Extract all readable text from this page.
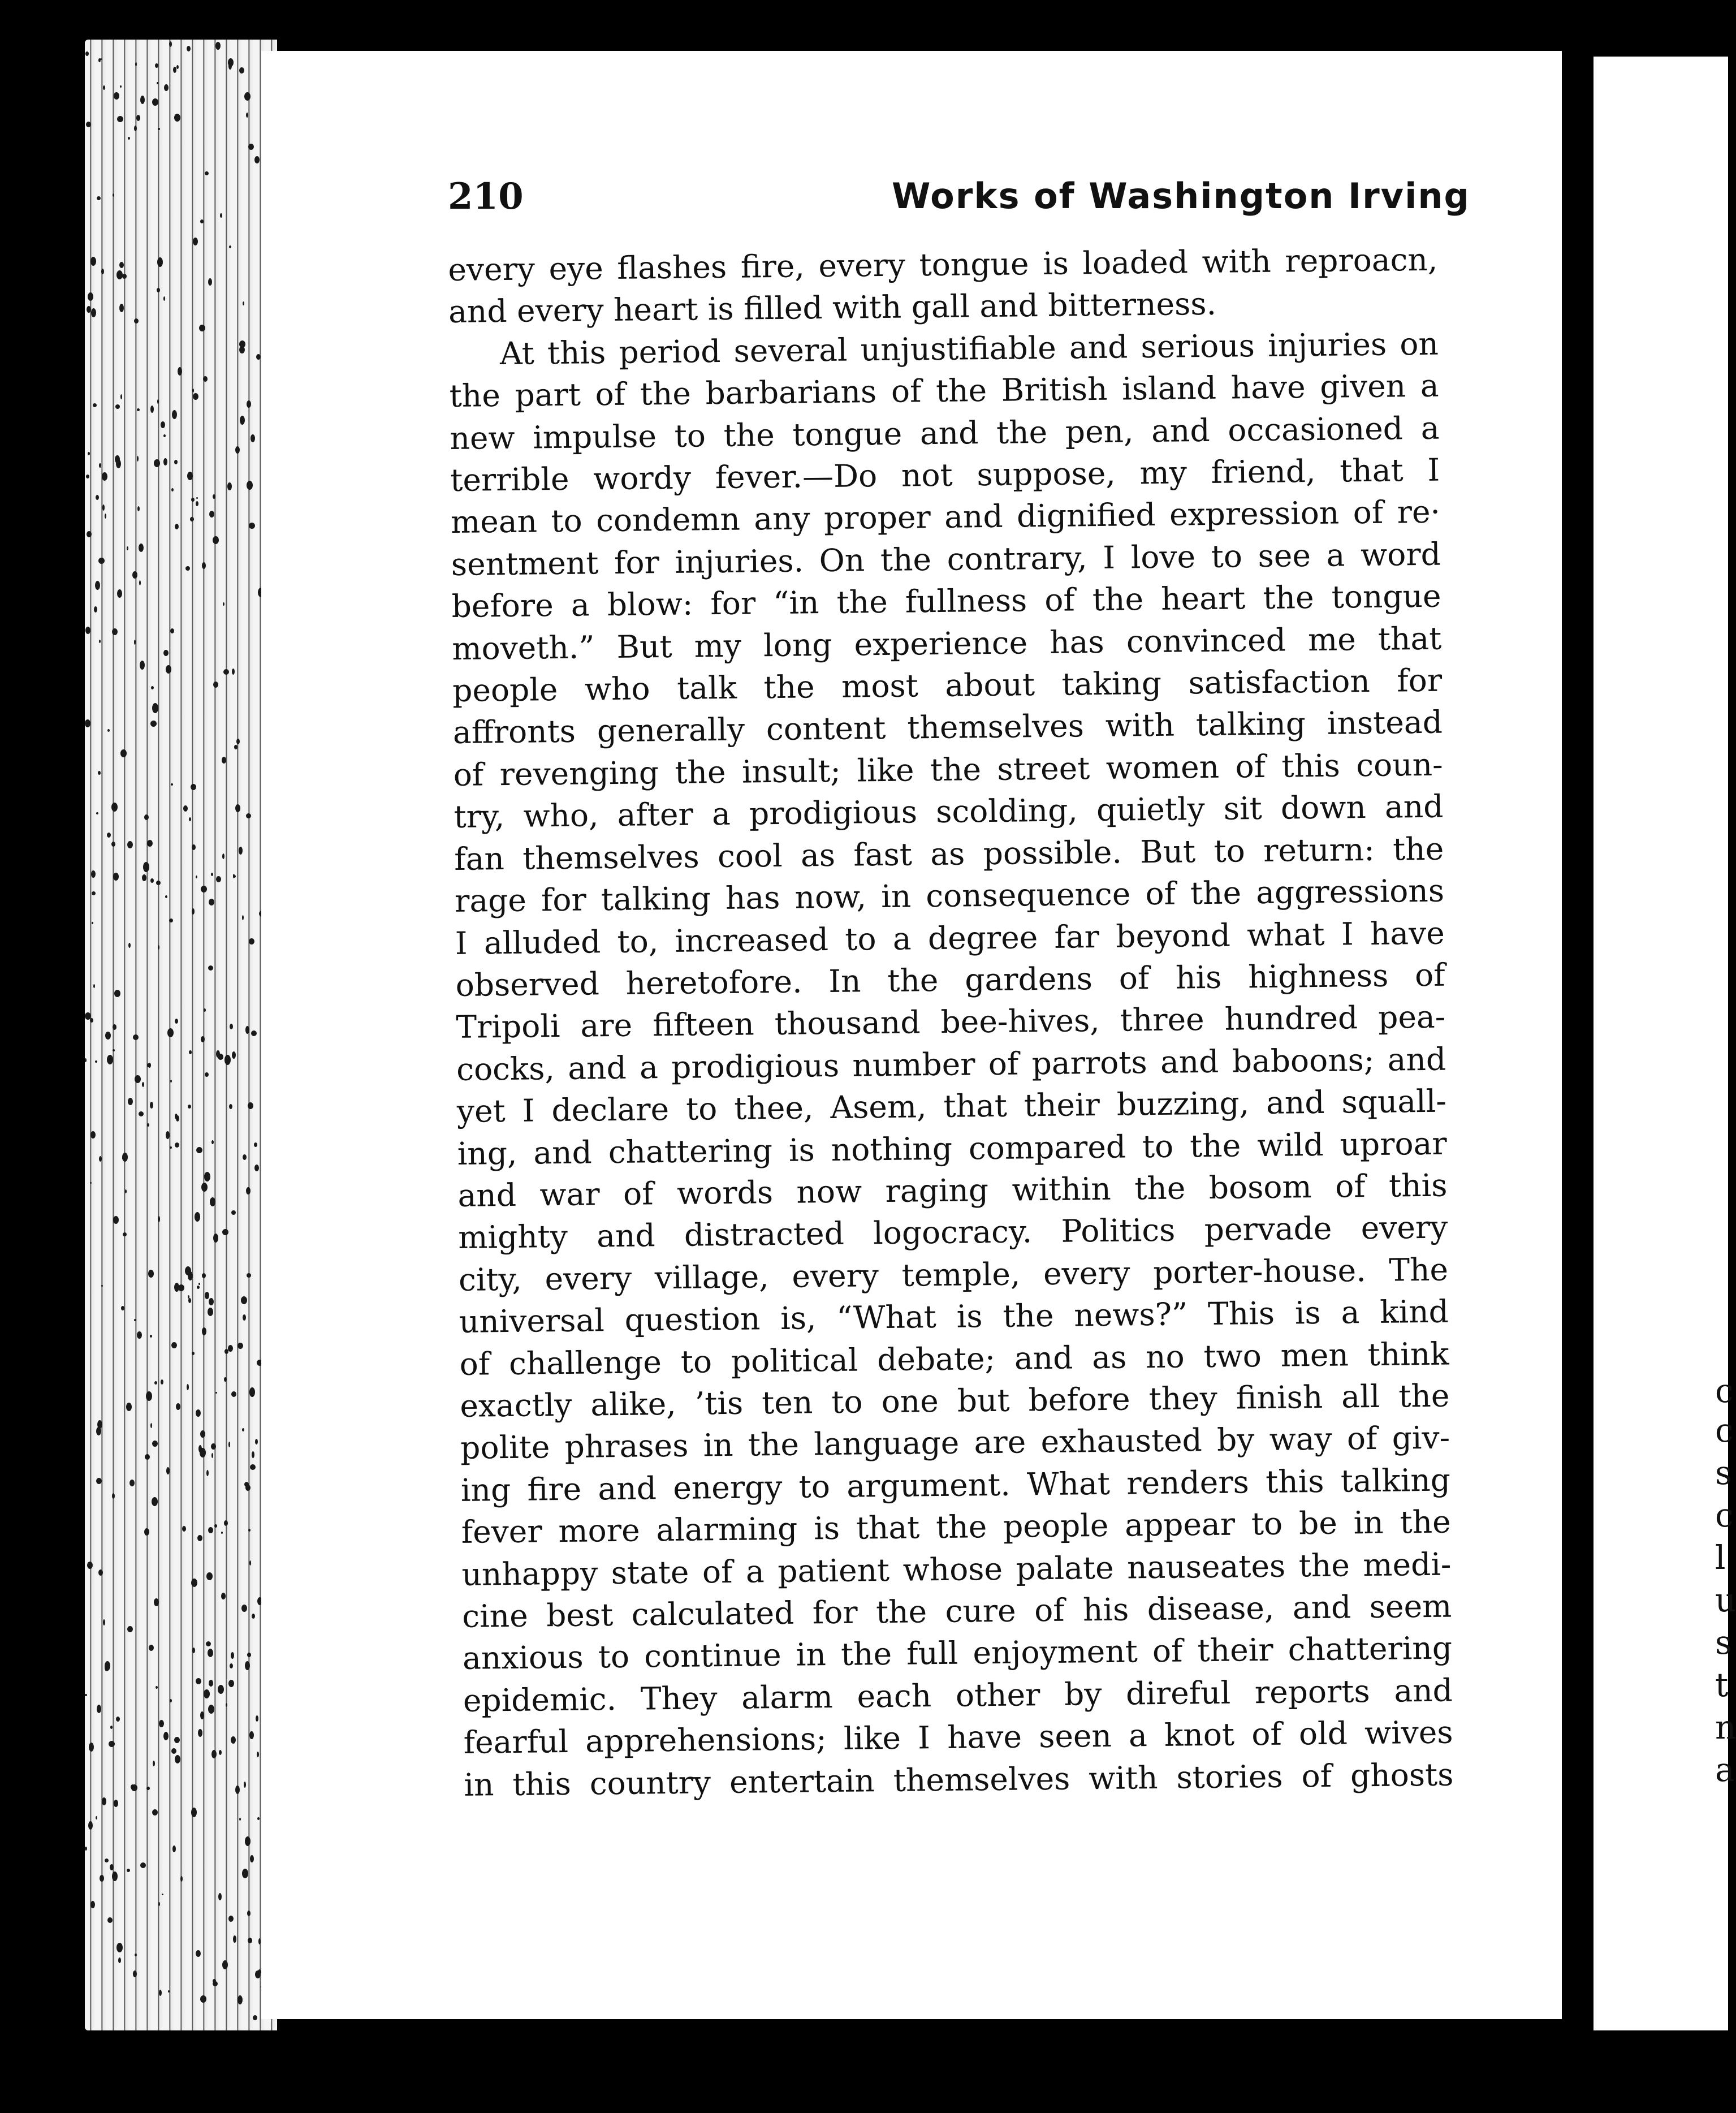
210	Works of Washington Irving
every eye flashes fire, every tongue is loaded with reproacn,
and every heart is filled with gall and bitterness.
At this period several unjustifiable and serious injuries on
the part of the barbarians of the British island have given a
new impulse to the tongue and the pen, and occasioned a
terrible wordy fever.—Do not suppose, my friend, that I
mean to condemn any proper and dignified expression of re·
sentment for injuries. On the contrary, I love to see a word
before a blow: for “in the fullness of the heart the tongue
moveth.” But my long experience has convinced me that
people who talk the most about taking satisfaction for
affronts generally content themselves with talking instead
of revenging the insult; like the street women of this coun-
try, who, after a prodigious scolding, quietly sit down and
fan themselves cool as fast as possible. But to return: the
rage for talking has now, in consequence of the aggressions
I alluded to, increased to a degree far beyond what I have
observed heretofore. In the gardens of his highness of
Tripoli are fifteen thousand bee-hives, three hundred pea-
cocks, and a prodigious number of parrots and baboons; and
yet I declare to thee, Asem, that their buzzing, and squall-
ing, and chattering is nothing compared to the wild uproar
and war of words now raging within the bosom of this
mighty and distracted logocracy. Politics pervade every
city, every village, every temple, every porter-house. The
universal question is, “What is the news?” This is a kind
of challenge to political debate; and as no two men think
exactly alike, ’tis ten to one but before they finish all the
polite phrases in the language are exhausted by way of giv-
ing fire and energy to argument. What renders this talking
fever more alarming is that the people appear to be in the
unhappy state of a patient whose palate nauseates the medi-
cine best calculated for the cure of his disease, and seem
anxious to continue in the full enjoyment of their chattering
epidemic. They alarm each other by direful reports and
fearful apprehensions; like I have seen a knot of old wives
in this country entertain themselves with stories of ghosts
c
c
s
c
l
u
s
t
n
a
